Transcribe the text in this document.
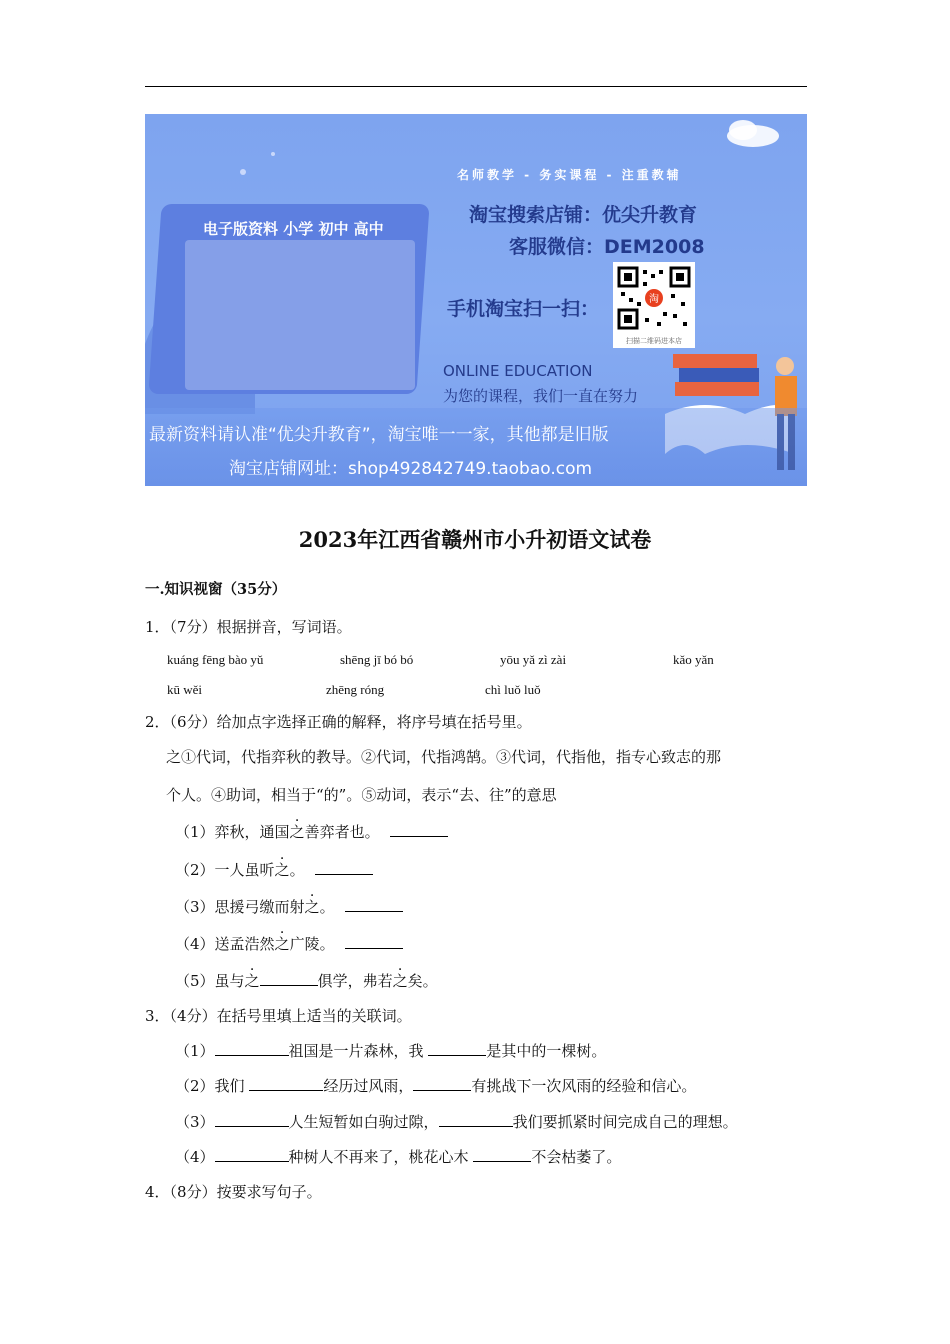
电子版资料 小学 初中 高中
名师教学 - 务实课程 - 注重教辅
淘宝搜索店铺：优尖升教育
客服微信：DEM2008
手机淘宝扫一扫：	淘
扫描二维码进本店
ONLINE EDUCATION
为您的课程，我们一直在努力
最新资料请认准“优尖升教育”，淘宝唯一一家，其他都是旧版
淘宝店铺网址：shop492842749.taobao.com
2023年江西省赣州市小升初语文试卷
一.知识视窗（35分）
1．（7分）根据拼音，写词语。
kuáng fēng bào yǔ	shēng jī bó bó	yōu yǎ zì zài	kǎo yǎn
kū wěi	zhēng róng	chì luǒ luǒ
2．（6分）给加点字选择正确的解释，将序号填在括号里。
之①代词，代指弈秋的教导。②代词，代指鸿鹄。③代词，代指他，指专心致志的那
个人。④助词，相当于“的”。⑤动词，表示“去、往”的意思
（1）弈秋，通国之善弈者也。
（2）一人虽听之。
（3）思援弓缴而射之。
（4）送孟浩然之广陵。
（5）虽与之	俱学，弗若之矣。
3．（4分）在括号里填上适当的关联词。
（1）	祖国是一片森林，我	是其中的一棵树。
（2）我们	经历过风雨，	有挑战下一次风雨的经验和信心。
（3）	人生短暂如白驹过隙，	我们要抓紧时间完成自己的理想。
（4）	种树人不再来了，桃花心木	不会枯萎了。
4．（8分）按要求写句子。
